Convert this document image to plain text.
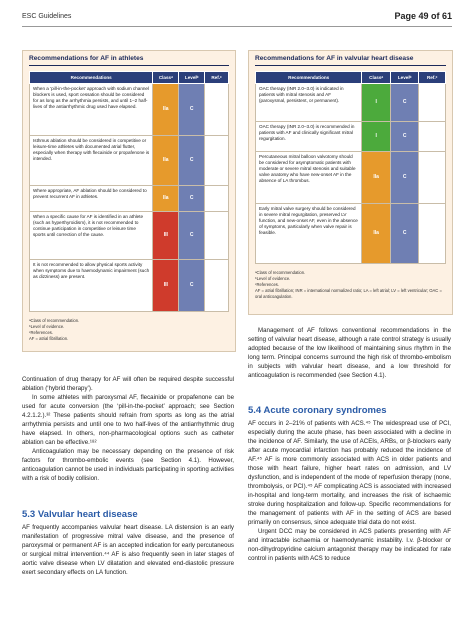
ESC Guidelines	Page 49 of 61
Recommendations for AF in athletes
Recommendations	Classᵃ	Levelᵇ	Ref.ᶜ
When a ‘pill-in-the-pocket’ approach with sodium channel blockers is used, sport cessation should be considered for as long as the arrhythmia persists, and until 1–2 half-lives of the antiarrhythmic drug used have elapsed.	IIa	C	
Isthmus ablation should be considered in competitive or leisure-time athletes with documented atrial flutter, especially when therapy with flecainide or propafenone is intended.	IIa	C	
Where appropriate, AF ablation should be considered to prevent recurrent AF in athletes.	IIa	C	
When a specific cause for AF is identified in an athlete (such as hyperthyroidism), it is not recommended to continue participation in competitive or leisure time sports until correction of the cause.	III	C	
It is not recommended to allow physical sports activity when symptoms due to haemodynamic impairment (such as dizziness) are present.	III	C	
ᵃClass of recommendation.
ᵇLevel of evidence.
ᶜReferences.
AF = atrial fibrillation.
Recommendations for AF in valvular heart disease
Recommendations	Classᵃ	Levelᵇ	Ref.ᶜ
OAC therapy (INR 2.0–3.0) is indicated in patients with mitral stenosis and AF (paroxysmal, persistent, or permanent).	I	C	
OAC therapy (INR 2.0–3.0) is recommended in patients with AF and clinically significant mitral regurgitation.	I	C	
Percutaneous mitral balloon valvotomy should be considered for asymptomatic patients with moderate or severe mitral stenosis and suitable valve anatomy who have new-onset AF in the absence of LA thrombus.	IIa	C	
Early mitral valve surgery should be considered in severe mitral regurgitation, preserved LV function, and new-onset AF, even in the absence of symptoms, particularly when valve repair is feasible.	IIa	C	
ᵃClass of recommendation.
ᵇLevel of evidence.
ᶜReferences.
AF = atrial fibrillation; INR = international normalized ratio; LA = left atrial; LV = left ventricular; OAC = oral anticoagulation.

Continuation of drug therapy for AF will often be required despite successful ablation (‘hybrid therapy’).

In some athletes with paroxysmal AF, flecainide or propafenone can be used for acute conversion (the ‘pill-in-the-pocket’ approach; see Section 4.2.1.2.).³² These patients should refrain from sports as long as the atrial arrhythmia persists and until one to two half-lives of the antiarrhythmic drug have elapsed. In others, non-pharmacological options such as catheter ablation can be effective.¹⁸²

Anticoagulation may be necessary depending on the presence of risk factors for thrombo-embolic events (see Section 4.1). However, anticoagulation cannot be used in individuals participating in sporting activities with a risk of bodily collision.

5.3 Valvular heart disease

AF frequently accompanies valvular heart disease. LA distension is an early manifestation of progressive mitral valve disease, and the presence of paroxysmal or permanent AF is an accepted indication for early percutaneous or surgical mitral intervention.⁴⁴ AF is also frequently seen in later stages of aortic valve disease when LV dilatation and elevated end-diastolic pressure exert secondary effects on LA function.

Management of AF follows conventional recommendations in the setting of valvular heart disease, although a rate control strategy is usually adopted because of the low likelihood of maintaining sinus rhythm in the long term. Principal concerns surround the high risk of thrombo-embolism in subjects with valvular heart disease, and a low threshold for anticoagulation is recommended (see Section 4.1).

5.4 Acute coronary syndromes

AF occurs in 2–21% of patients with ACS.⁴⁵ The widespread use of PCI, especially during the acute phase, has been associated with a decline in the incidence of AF. Similarly, the use of ACEIs, ARBs, or β-blockers early after acute myocardial infarction has probably reduced the incidence of AF.⁴⁵ AF is more commonly associated with ACS in older patients and those with heart failure, higher heart rates on admission, and LV dysfunction, and is independent of the mode of reperfusion therapy (none, thrombolysis, or PCI).⁴⁵ AF complicating ACS is associated with increased in-hospital and long-term mortality, and increases the risk of ischaemic stroke during hospitalization and follow-up. Specific recommendations for the management of patients with AF in the setting of ACS are based primarily on consensus, since adequate trial data do not exist.

Urgent DCC may be considered in ACS patients presenting with AF and intractable ischaemia or haemodynamic instability. I.v. β-blocker or non-dihydropyridine calcium antagonist therapy may be indicated for rate control in patients with ACS to reduce
